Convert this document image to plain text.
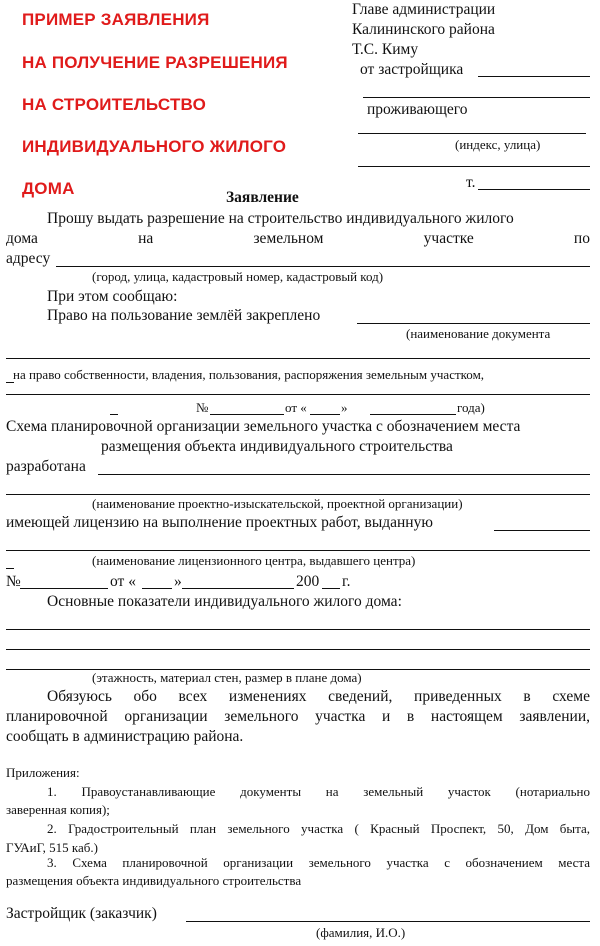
ПРИМЕР ЗАЯВЛЕНИЯ
НА ПОЛУЧЕНИЕ РАЗРЕШЕНИЯ
НА СТРОИТЕЛЬСТВО
ИНДИВИДУАЛЬНОГО ЖИЛОГО
ДОМА
Главе администрации
Калининского района
Т.С. Киму
от застройщика
проживающего
(индекс, улица)
т.
Заявление
Прошу выдать разрешение на строительство индивидуального жилого
дома	на	земельном	участке	по
адресу
(город, улица, кадастровый номер, кадастровый код)
При этом сообщаю:
Право на пользование землёй закреплено
(наименование документа
на право собственности, владения, пользования, распоряжения земельным участком,
№	от «	»	года)
Схема планировочной организации земельного участка с обозначением места
размещения объекта индивидуального строительства
разработана
(наименование проектно-изыскательской, проектной организации)
имеющей лицензию на выполнение проектных работ, выданную
(наименование лицензионного центра, выдавшего центра)
№	от « »	200 г.
Основные показатели индивидуального жилого дома:
(этажность, материал стен, размер в плане дома)
Обязуюсь обо всех изменениях сведений, приведенных в схеме
планировочной организации земельного участка и в настоящем заявлении,
сообщать в администрацию района.
Приложения:
1. Правоустанавливающие документы на земельный участок (нотариально
заверенная копия);
2. Градостроительный план земельного участка ( Красный Проспект, 50, Дом быта,
ГУАиГ, 515 каб.)
3. Схема планировочной организации земельного участка с обозначением места
размещения объекта индивидуального строительства
Застройщик (заказчик)
(фамилия, И.О.)
